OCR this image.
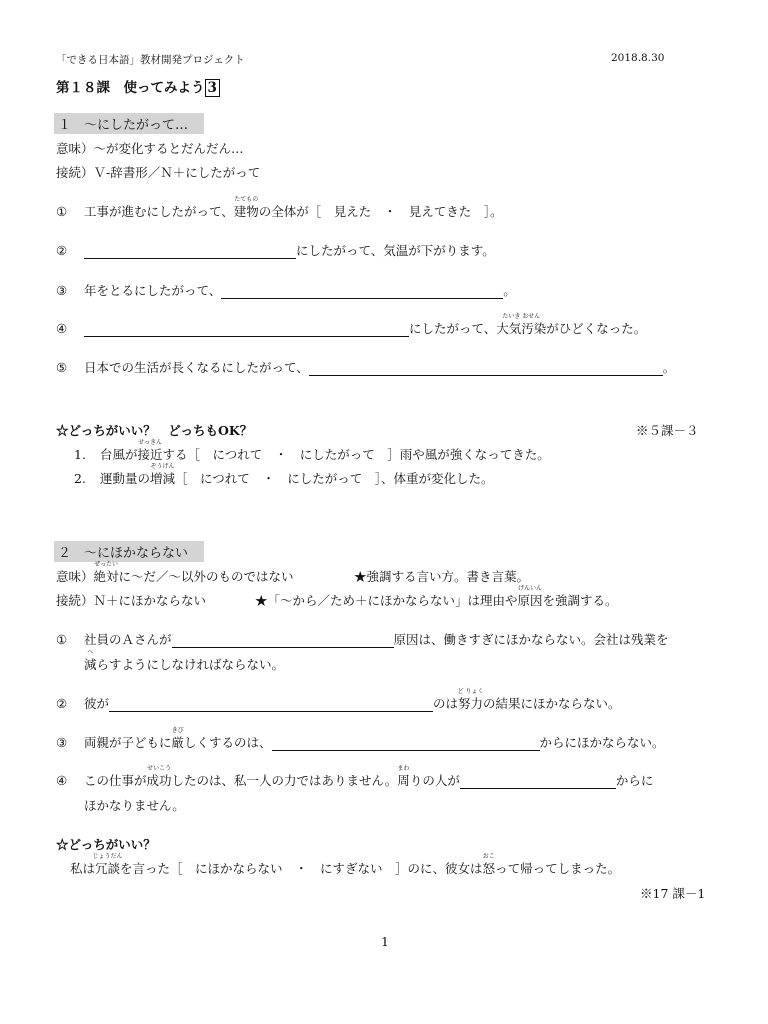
「できる日本語」教材開発プロジェクト	2018.8.30
第１８課　使ってみよう 3
１　～にしたがって…
意味）～が変化するとだんだん…
接続）Ｖ-辞書形／Ｎ＋にしたがって
① 工事が進むにしたがって、
たてもの
建物の全体が［　見えた　・　見えてきた　］。
②	にしたがって、気温が下がります。
③ 年をとるにしたがって、	。
④	にしたがって、
たいき おせん
大気汚染がひどくなった。
⑤ 日本での生活が長くなるにしたがって、	。
☆どっちがいい？　どっちもOK？	※５課－３
1. 台風が
せっきん
接近する［　につれて　・　にしたがって　］雨や風が強くなってきた。
2. 運動量の
ぞうげん
増減［　につれて　・　にしたがって　］、体重が変化した。
２　～にほかならない
意味）
ぜったい
絶対に～だ／～以外のものではない	★強調する言い方。書き言葉。
接続）Ｎ＋にほかならない	★「～から／ため＋にほかならない」は理由や
げんいん
原因を強調する。
① 社員のＡさんが	原因は、働きすぎにほかならない。会社は残業を
へ
減らすようにしなければならない。
② 彼が	のは
ど りょく
努力の結果にほかならない。
③ 両親が子どもに
きび
厳しくするのは、	からにほかならない。
④ この仕事が
せいこう
成功したのは、私一人の力ではありません。
まわ
周りの人が	からに
ほかなりません。
☆どっちがいい？
私は
じょうだん
冗談を言った［　にほかならない　・　にすぎない　］のに、彼女は
おこ
怒って帰ってしまった。
※17 課－1
1
